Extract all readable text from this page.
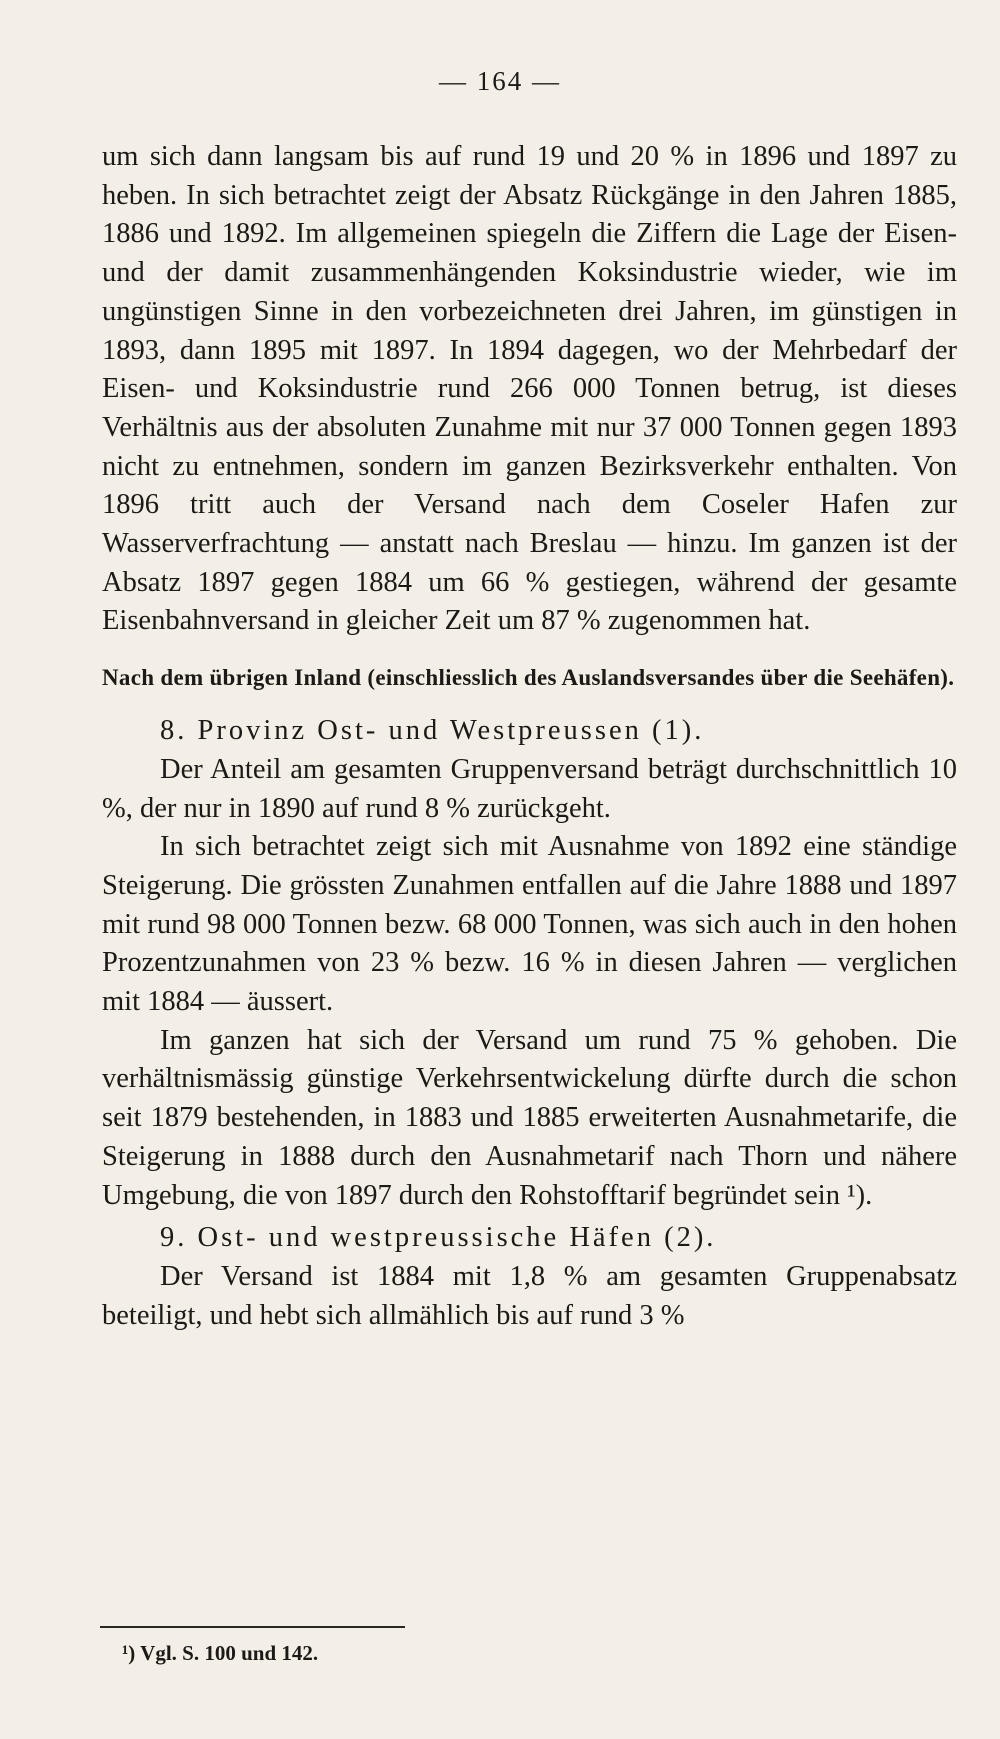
— 164 —

um sich dann langsam bis auf rund 19 und 20 % in 1896 und 1897 zu heben. In sich betrachtet zeigt der Absatz Rückgänge in den Jahren 1885, 1886 und 1892. Im allgemeinen spiegeln die Ziffern die Lage der Eisen- und der damit zusammenhängenden Koksindustrie wieder, wie im ungünstigen Sinne in den vorbezeichneten drei Jahren, im günstigen in 1893, dann 1895 mit 1897. In 1894 dagegen, wo der Mehrbedarf der Eisen- und Koksindustrie rund 266 000 Tonnen betrug, ist dieses Verhältnis aus der absoluten Zunahme mit nur 37 000 Tonnen gegen 1893 nicht zu entnehmen, sondern im ganzen Bezirksverkehr enthalten. Von 1896 tritt auch der Versand nach dem Coseler Hafen zur Wasserverfrachtung — anstatt nach Breslau — hinzu. Im ganzen ist der Absatz 1897 gegen 1884 um 66 % gestiegen, während der gesamte Eisenbahnversand in gleicher Zeit um 87 % zugenommen hat.

Nach dem übrigen Inland (einschliesslich des Auslandsversandes über die Seehäfen).

8. Provinz Ost- und Westpreussen (1).

Der Anteil am gesamten Gruppenversand beträgt durchschnittlich 10 %, der nur in 1890 auf rund 8 % zurückgeht.

In sich betrachtet zeigt sich mit Ausnahme von 1892 eine ständige Steigerung. Die grössten Zunahmen entfallen auf die Jahre 1888 und 1897 mit rund 98 000 Tonnen bezw. 68 000 Tonnen, was sich auch in den hohen Prozentzunahmen von 23 % bezw. 16 % in diesen Jahren — verglichen mit 1884 — äussert.

Im ganzen hat sich der Versand um rund 75 % gehoben. Die verhältnismässig günstige Verkehrsentwickelung dürfte durch die schon seit 1879 bestehenden, in 1883 und 1885 erweiterten Ausnahmetarife, die Steigerung in 1888 durch den Ausnahmetarif nach Thorn und nähere Umgebung, die von 1897 durch den Rohstofftarif begründet sein ¹).

9. Ost- und westpreussische Häfen (2).

Der Versand ist 1884 mit 1,8 % am gesamten Gruppenabsatz beteiligt, und hebt sich allmählich bis auf rund 3 %

¹) Vgl. S. 100 und 142.
